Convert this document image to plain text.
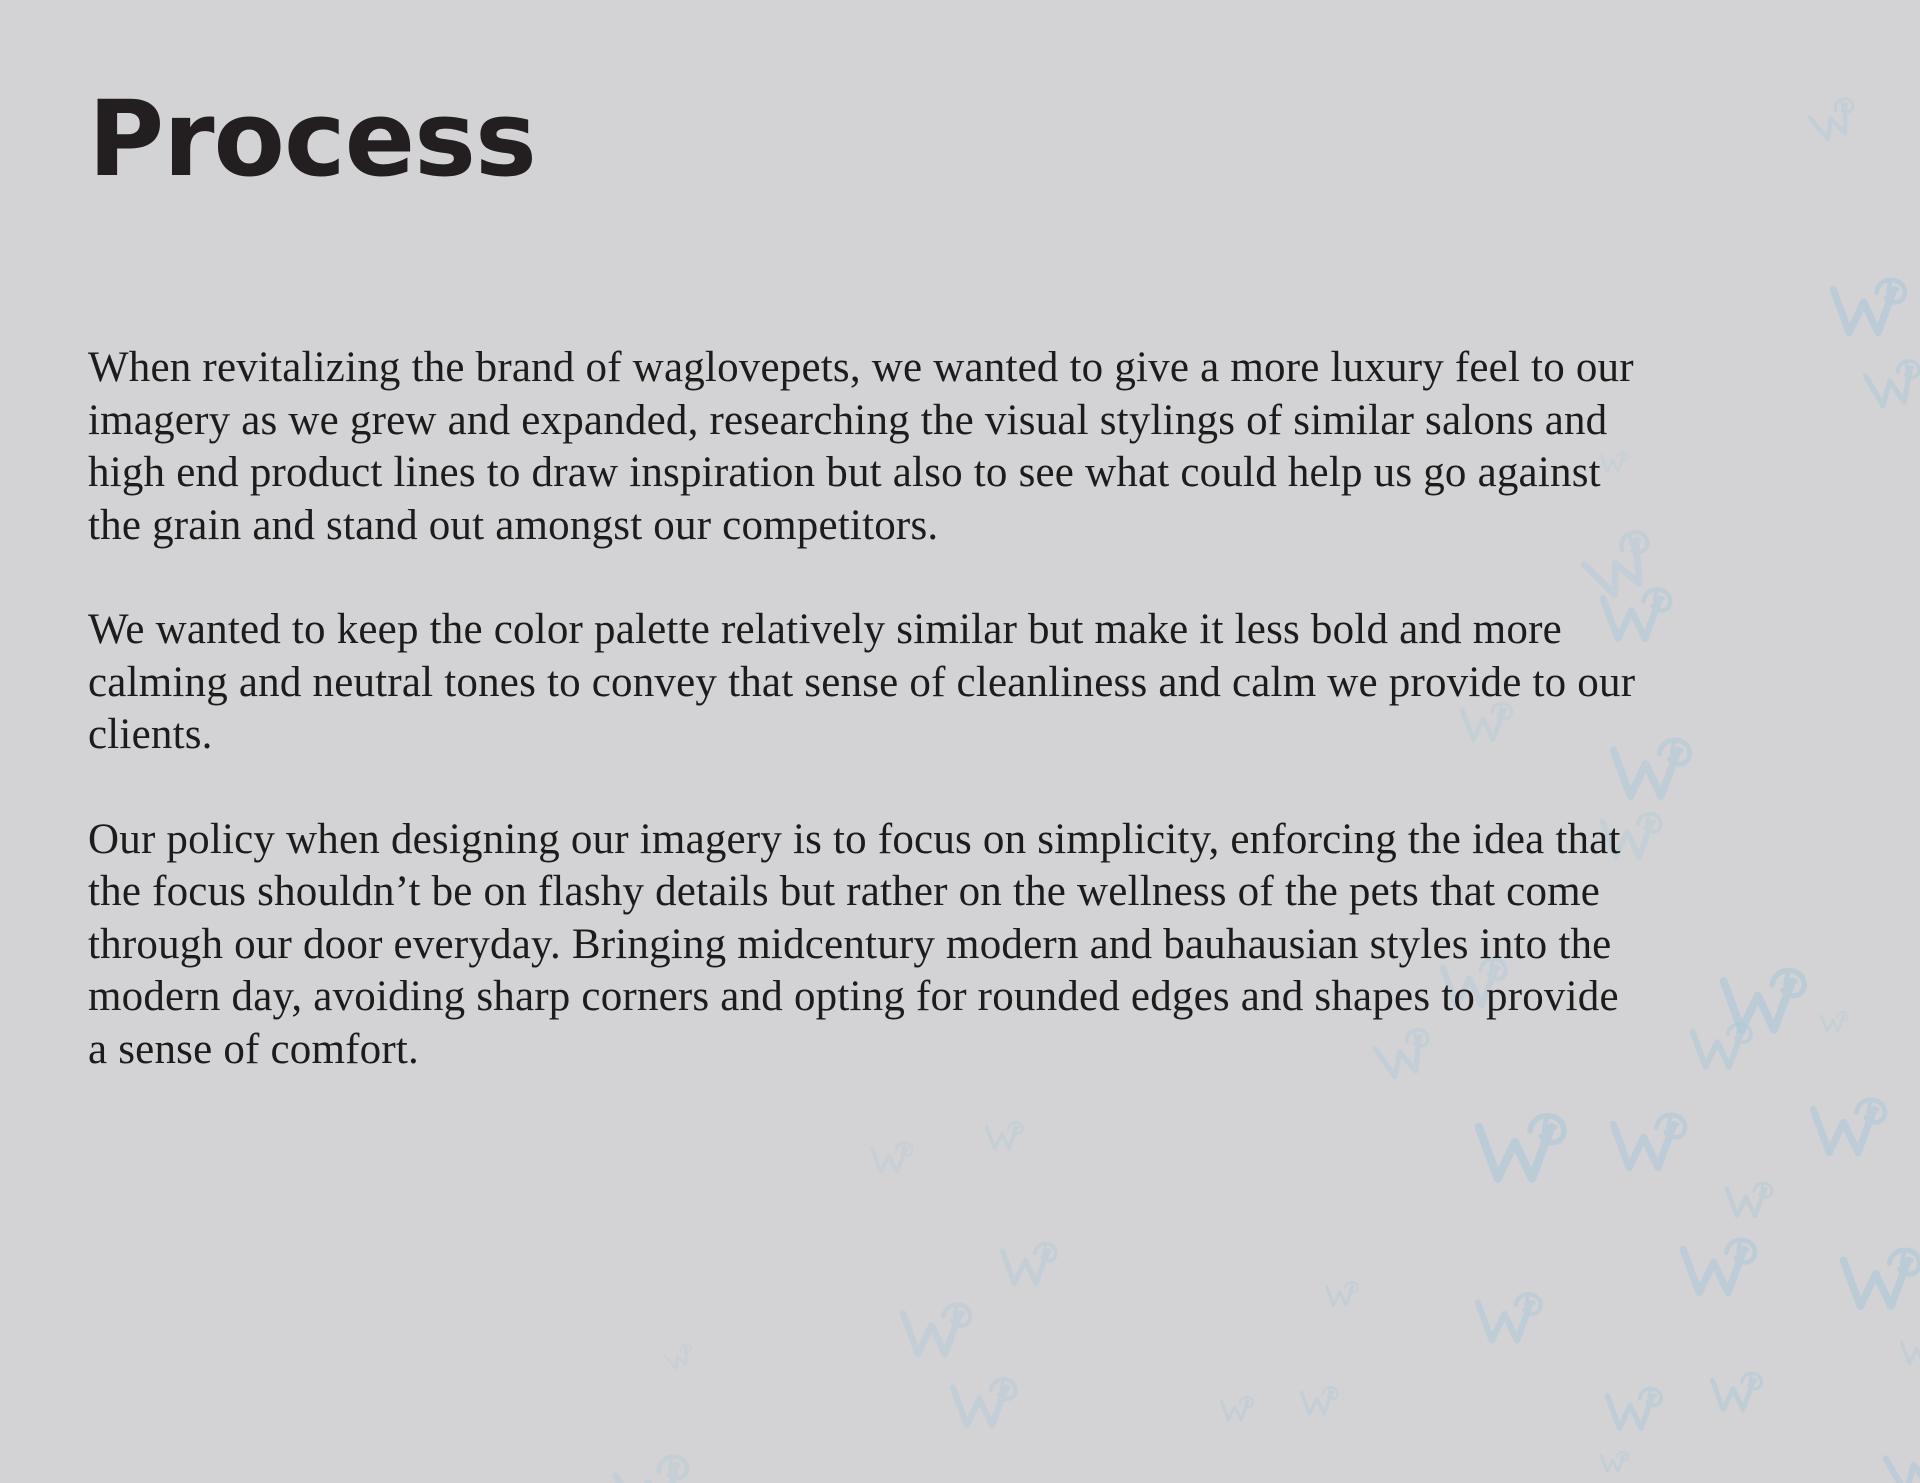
Process

When revitalizing the brand of waglovepets, we wanted to give a more luxury feel to our
imagery as we grew and expanded, researching the visual stylings of similar salons and
high end product lines to draw inspiration but also to see what could help us go against
the grain and stand out amongst our competitors.

We wanted to keep the color palette relatively similar but make it less bold and more
calming and neutral tones to convey that sense of cleanliness and calm we provide to our
clients.

Our policy when designing our imagery is to focus on simplicity, enforcing the idea that
the focus shouldn’t be on flashy details but rather on the wellness of the pets that come
through our door everyday. Bringing midcentury modern and bauhausian styles into the
modern day, avoiding sharp corners and opting for rounded edges and shapes to provide
a sense of comfort.
